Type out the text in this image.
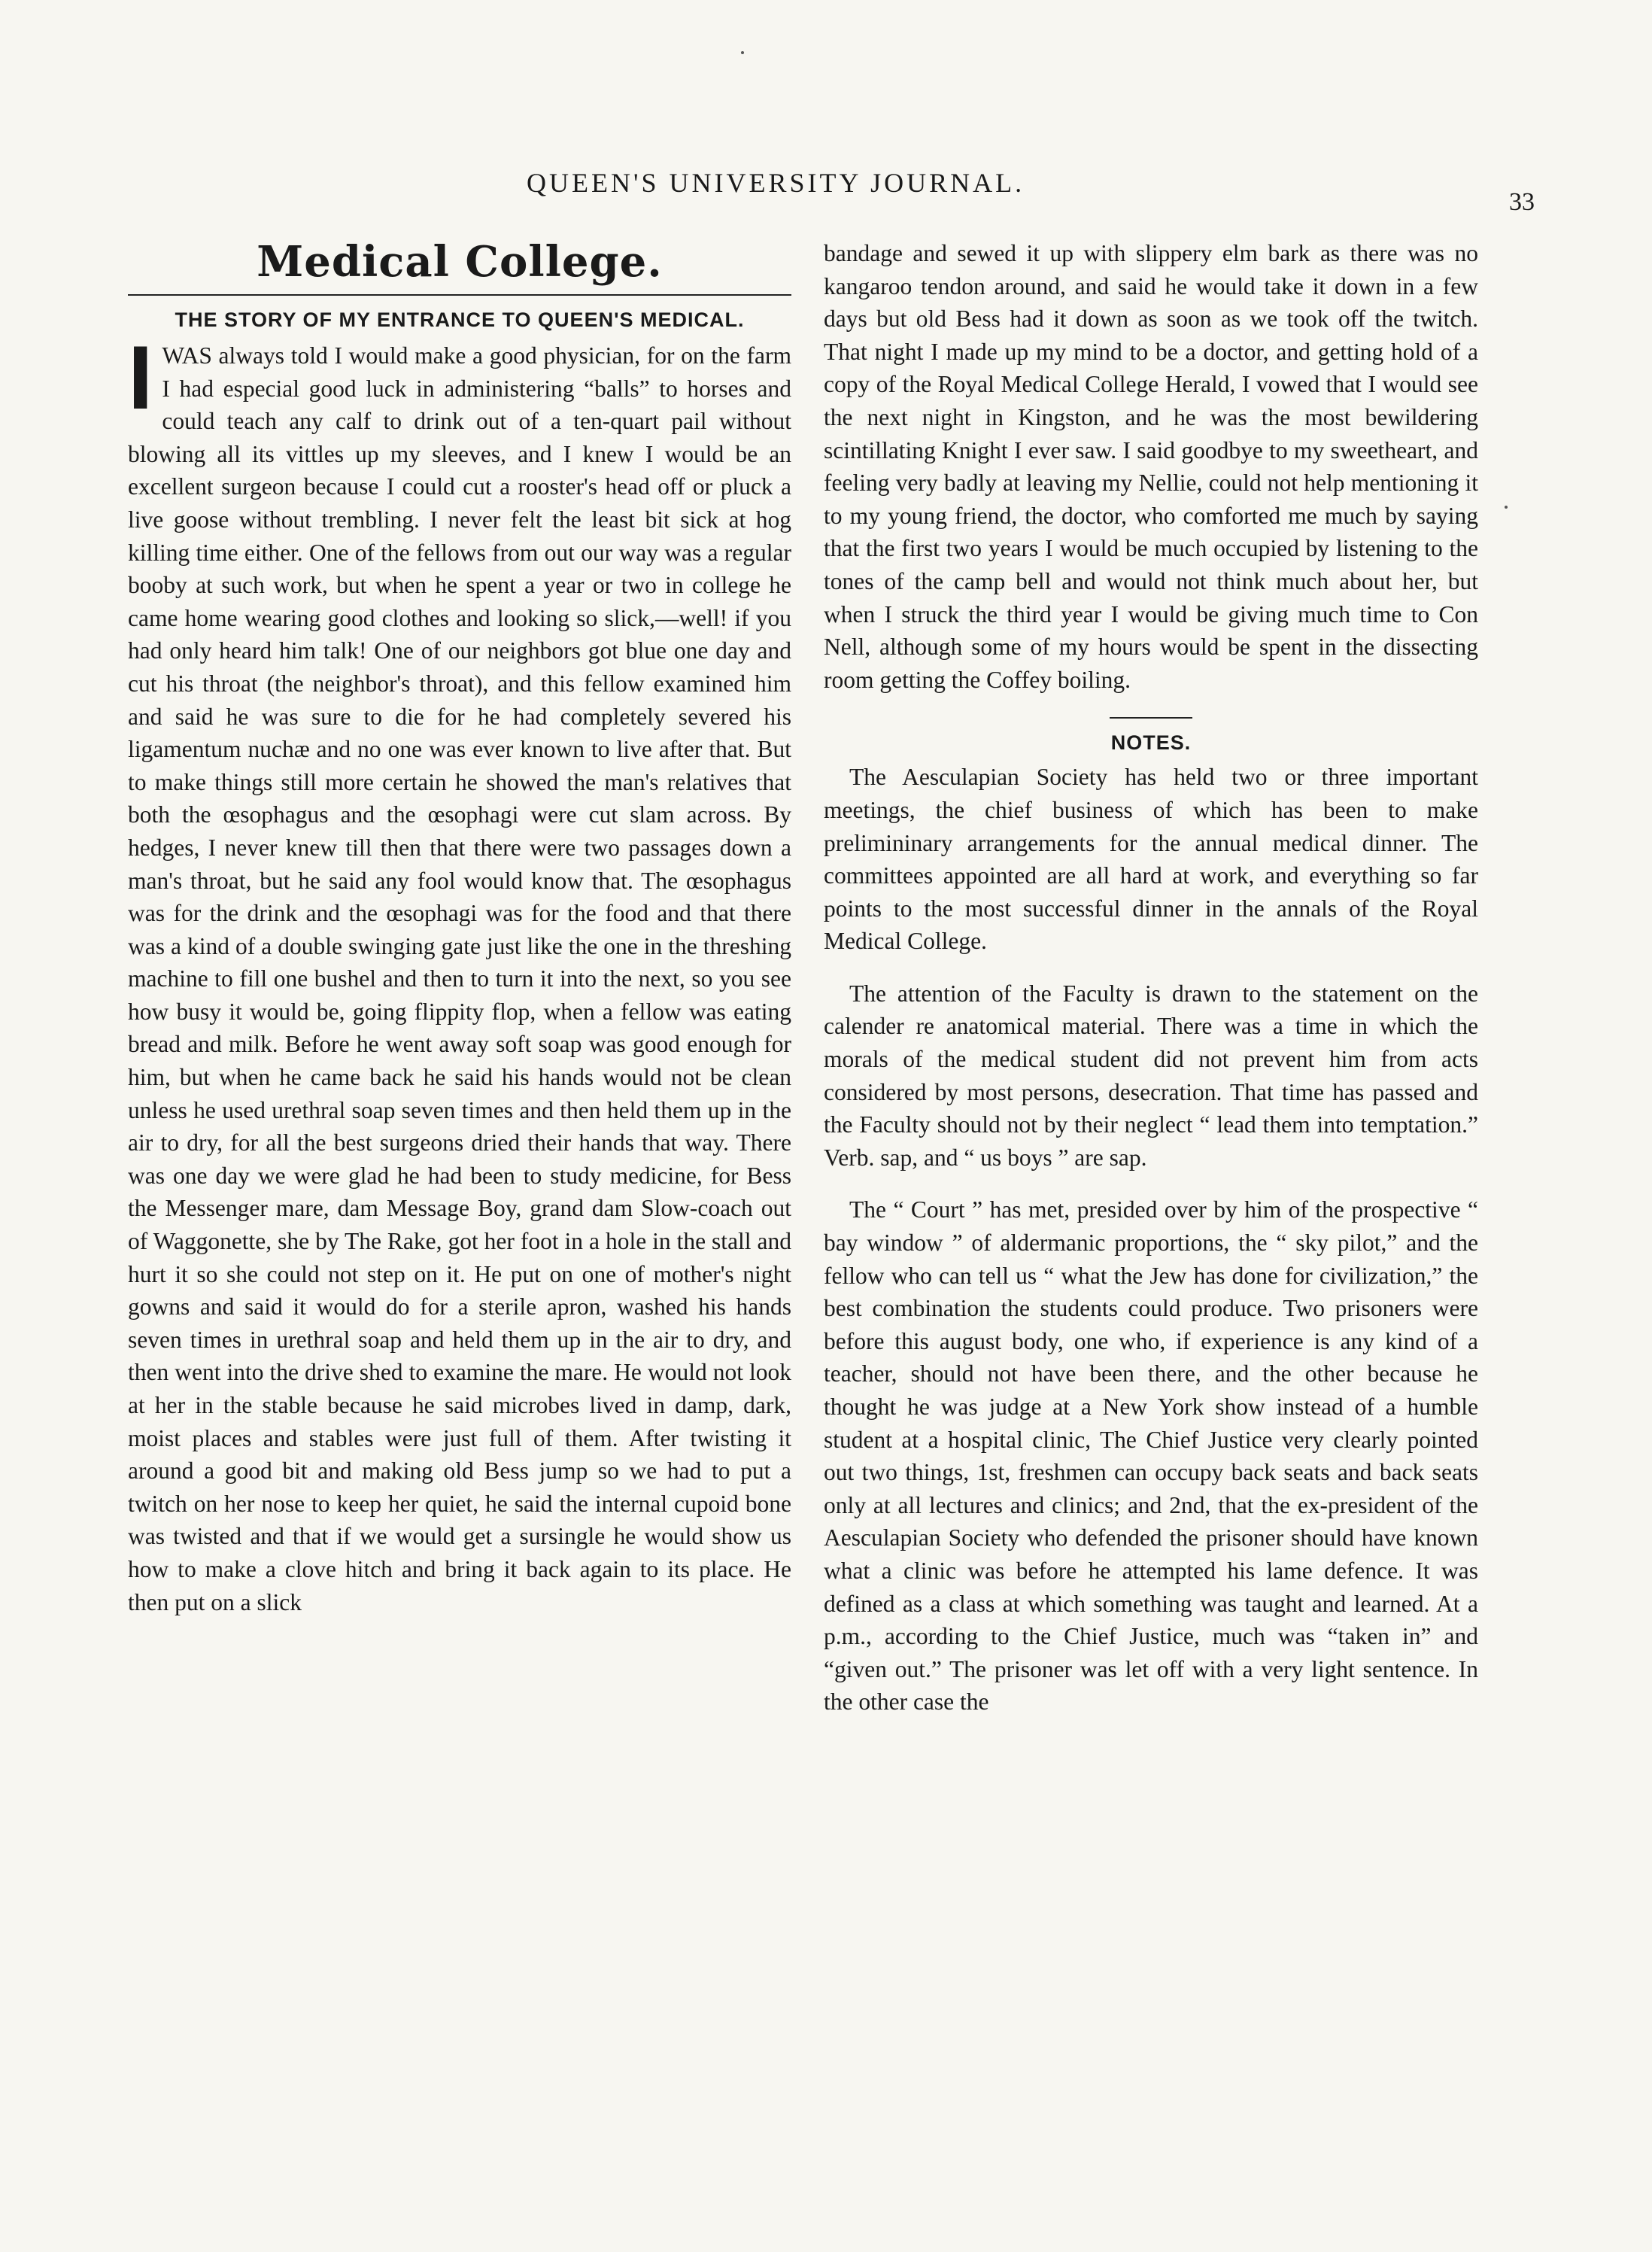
QUEEN'S UNIVERSITY JOURNAL.
33
Medical College.
THE STORY OF MY ENTRANCE TO QUEEN'S MEDICAL.

I WAS always told I would make a good physician, for on the farm I had especial good luck in administering “balls” to horses and could teach any calf to drink out of a ten-quart pail without blowing all its vittles up my sleeves, and I knew I would be an excellent surgeon because I could cut a rooster's head off or pluck a live goose without trembling. I never felt the least bit sick at hog killing time either. One of the fellows from out our way was a regular booby at such work, but when he spent a year or two in college he came home wearing good clothes and looking so slick,—well! if you had only heard him talk! One of our neighbors got blue one day and cut his throat (the neighbor's throat), and this fellow examined him and said he was sure to die for he had completely severed his ligamentum nuchæ and no one was ever known to live after that. But to make things still more certain he showed the man's relatives that both the œsophagus and the œsophagi were cut slam across. By hedges, I never knew till then that there were two passages down a man's throat, but he said any fool would know that. The œsophagus was for the drink and the œsophagi was for the food and that there was a kind of a double swinging gate just like the one in the threshing machine to fill one bushel and then to turn it into the next, so you see how busy it would be, going flippity flop, when a fellow was eating bread and milk. Before he went away soft soap was good enough for him, but when he came back he said his hands would not be clean unless he used urethral soap seven times and then held them up in the air to dry, for all the best surgeons dried their hands that way. There was one day we were glad he had been to study medicine, for Bess the Messenger mare, dam Message Boy, grand dam Slow-coach out of Waggonette, she by The Rake, got her foot in a hole in the stall and hurt it so she could not step on it. He put on one of mother's night gowns and said it would do for a sterile apron, washed his hands seven times in urethral soap and held them up in the air to dry, and then went into the drive shed to examine the mare. He would not look at her in the stable because he said microbes lived in damp, dark, moist places and stables were just full of them. After twisting it around a good bit and making old Bess jump so we had to put a twitch on her nose to keep her quiet, he said the internal cupoid bone was twisted and that if we would get a sursingle he would show us how to make a clove hitch and bring it back again to its place. He then put on a slick

bandage and sewed it up with slippery elm bark as there was no kangaroo tendon around, and said he would take it down in a few days but old Bess had it down as soon as we took off the twitch. That night I made up my mind to be a doctor, and getting hold of a copy of the Royal Medical College Herald, I vowed that I would see the next night in Kingston, and he was the most bewildering scintillating Knight I ever saw. I said goodbye to my sweetheart, and feeling very badly at leaving my Nellie, could not help mentioning it to my young friend, the doctor, who comforted me much by saying that the first two years I would be much occupied by listening to the tones of the camp bell and would not think much about her, but when I struck the third year I would be giving much time to Con Nell, although some of my hours would be spent in the dissecting room getting the Coffey boiling.

NOTES.

The Aesculapian Society has held two or three important meetings, the chief business of which has been to make prelimininary arrangements for the annual medical dinner. The committees appointed are all hard at work, and everything so far points to the most successful dinner in the annals of the Royal Medical College.

The attention of the Faculty is drawn to the statement on the calender re anatomical material. There was a time in which the morals of the medical student did not prevent him from acts considered by most persons, desecration. That time has passed and the Faculty should not by their neglect “ lead them into temptation.” Verb. sap, and “ us boys ” are sap.

The “ Court ” has met, presided over by him of the prospective “ bay window ” of aldermanic proportions, the “ sky pilot,” and the fellow who can tell us “ what the Jew has done for civilization,” the best combination the students could produce. Two prisoners were before this august body, one who, if experience is any kind of a teacher, should not have been there, and the other because he thought he was judge at a New York show instead of a humble student at a hospital clinic, The Chief Justice very clearly pointed out two things, 1st, freshmen can occupy back seats and back seats only at all lectures and clinics; and 2nd, that the ex-president of the Aesculapian Society who defended the prisoner should have known what a clinic was before he attempted his lame defence. It was defined as a class at which something was taught and learned. At a p.m., according to the Chief Justice, much was “taken in” and “given out.” The prisoner was let off with a very light sentence. In the other case the
